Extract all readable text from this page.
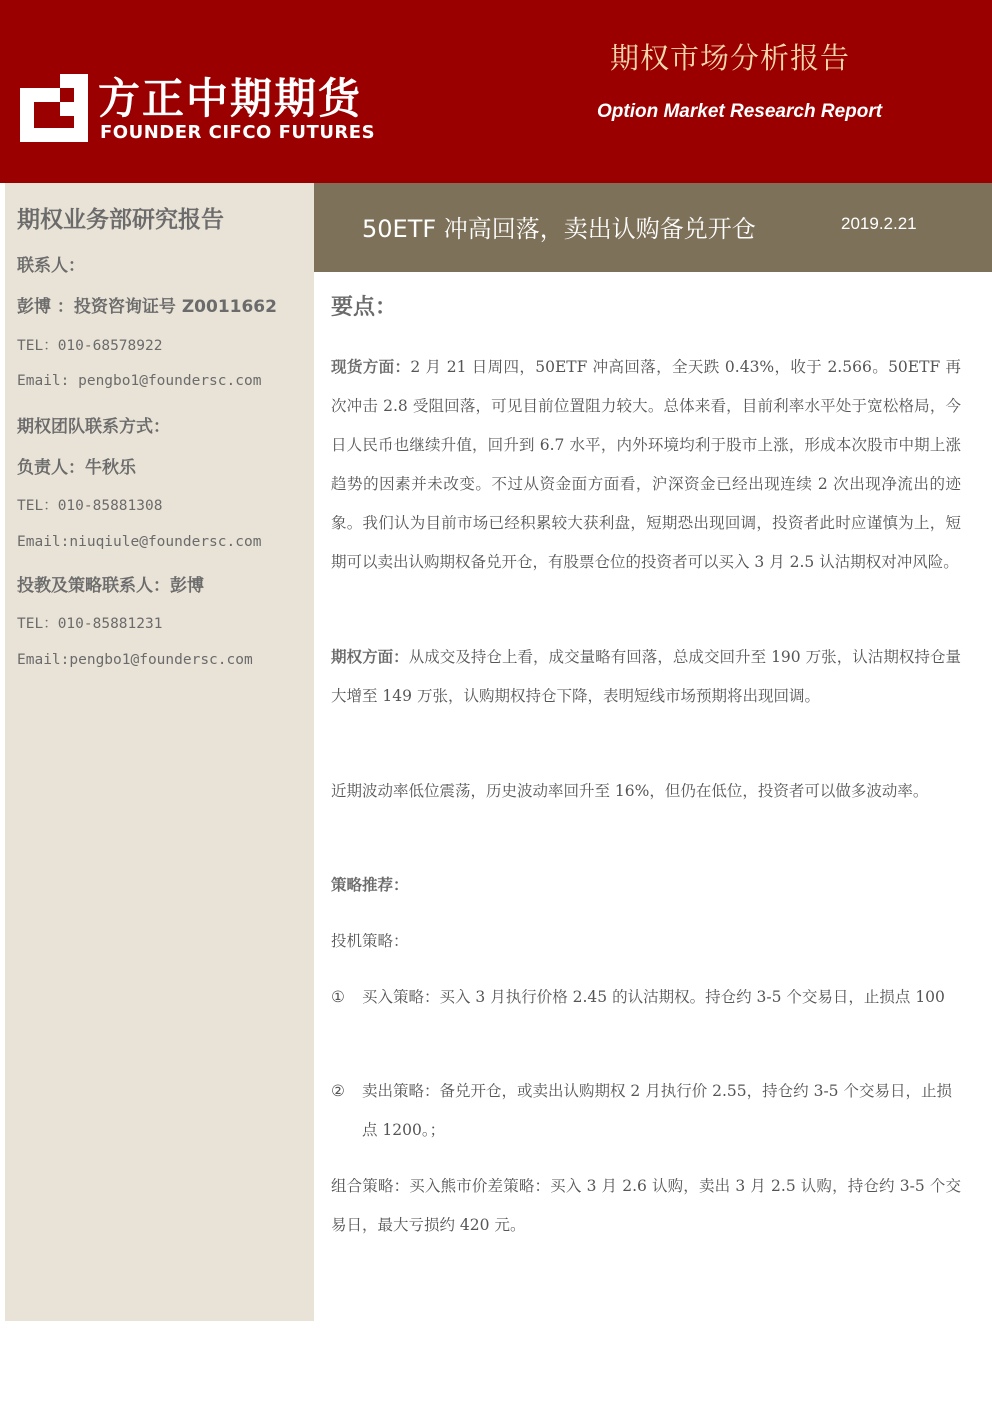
方正中期期货
FOUNDER CIFCO FUTURES
期权市场分析报告
Option Market Research Report
期权业务部研究报告
联系人：
彭博 ：投资咨询证号 Z0011662
TEL：010-68578922
Email: pengbo1@foundersc.com
期权团队联系方式：
负责人：牛秋乐
TEL：010-85881308
Email:niuqiule@foundersc.com
投教及策略联系人：彭博
TEL：010-85881231
Email:pengbo1@foundersc.com
50ETF 冲高回落，卖出认购备兑开仓	2019.2.21
要点：
现货方面：2 月 21 日周四，50ETF 冲高回落，全天跌 0.43%，收于 2.566。50ETF 再次冲击 2.8 受阻回落，可见目前位置阻力较大。总体来看，目前利率水平处于宽松格局，今日人民币也继续升值，回升到 6.7 水平，内外环境均利于股市上涨，形成本次股市中期上涨趋势的因素并未改变。不过从资金面方面看，沪深资金已经出现连续 2 次出现净流出的迹象。我们认为目前市场已经积累较大获利盘，短期恐出现回调，投资者此时应谨慎为上，短期可以卖出认购期权备兑开仓，有股票仓位的投资者可以买入 3 月 2.5 认沽期权对冲风险。
期权方面：从成交及持仓上看，成交量略有回落，总成交回升至 190 万张，认沽期权持仓量大增至 149 万张，认购期权持仓下降，表明短线市场预期将出现回调。
近期波动率低位震荡，历史波动率回升至 16%，但仍在低位，投资者可以做多波动率。
策略推荐：
投机策略：
①	买入策略：买入 3 月执行价格 2.45 的认沽期权。持仓约 3-5 个交易日，止损点 100
②	卖出策略：备兑开仓，或卖出认购期权 2 月执行价 2.55，持仓约 3-5 个交易日，止损点 1200。；
组合策略：买入熊市价差策略：买入 3 月 2.6 认购，卖出 3 月 2.5 认购，持仓约 3-5 个交易日，最大亏损约 420 元。
